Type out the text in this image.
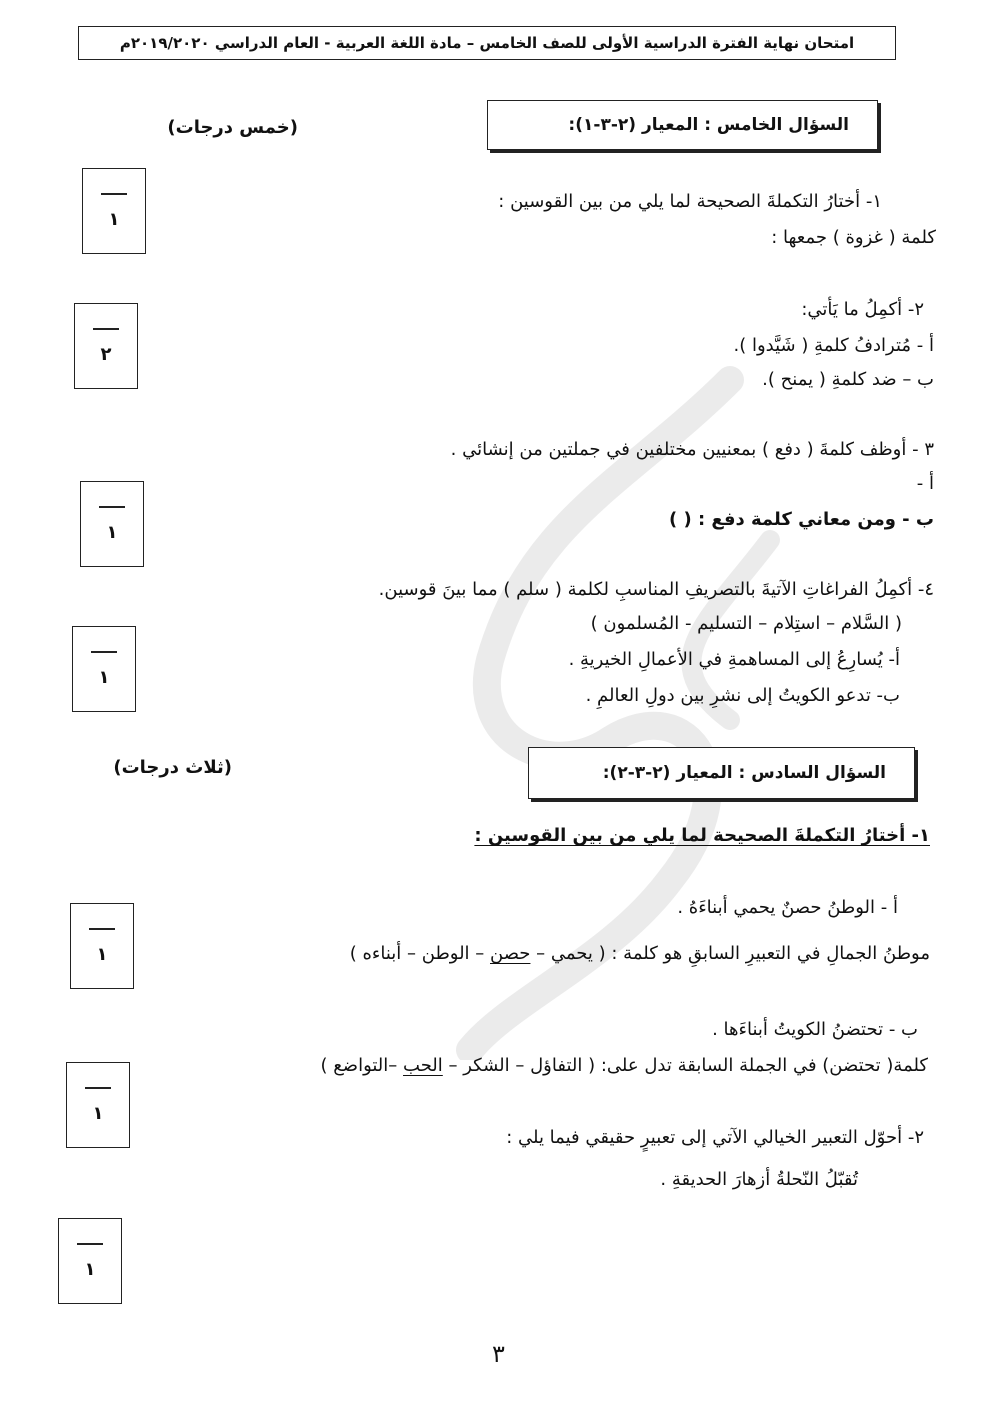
امتحان نهاية الفترة الدراسية الأولى للصف الخامس – مادة اللغة العربية - العام الدراسي ٢٠١٩/٢٠٢٠م
السؤال الخامس : المعيار (٢-٣-١):
(خمس درجات)
١
١- أختارُ التكملةَ الصحيحة لما يلي من بين القوسين :
كلمة ( غزوة ) جمعها :
٢
٢- أكمِلُ ما يَأتي:
أ - مُترادفُ كلمةِ ( شَيَّدوا ).
ب – ضد كلمةِ ( يمنح ).
٣ - أوظف كلمةَ ( دفع ) بمعنيين مختلفين في جملتين من إنشائي .
أ -
١
ب - ومن معاني كلمة دفع : ( )
٤- أكمِلُ الفراغاتِ الآتيةَ بالتصريفِ المناسبِ لكلمة ( سلم ) مما بينَ قوسين.
( السَّلام – استِلام – التسليم - المُسلمون )
١
أ- يُسارِعُ إلى المساهمةِ في الأعمالِ الخيريةِ .
ب- تدعو الكويتُ إلى نشرِ بين دولِ العالمِ .
السؤال السادس : المعيار (٢-٣-٢):
(ثلاث درجات)
١- أختارُ التكملةَ الصحيحة لما يلي من بين القوسين :
أ - الوطنُ حصنٌ يحمي أبناءَهُ .
١	موطنُ الجمالِ في التعبيرِ السابقِ هو كلمة : ( يحمي – حصن – الوطن – أبناءه )
ب - تحتضنُ الكويتُ أبناءَها .
١
كلمة( تحتضن) في الجملة السابقة تدل على: ( التفاؤل – الشكر – الحب –التواضع )
٢- أحوّل التعبير الخيالي الآتي إلى تعبيرٍ حقيقي فيما يلي :
تُقبّلُ النّحلةُ أزهارَ الحديقةِ .
١
٣
